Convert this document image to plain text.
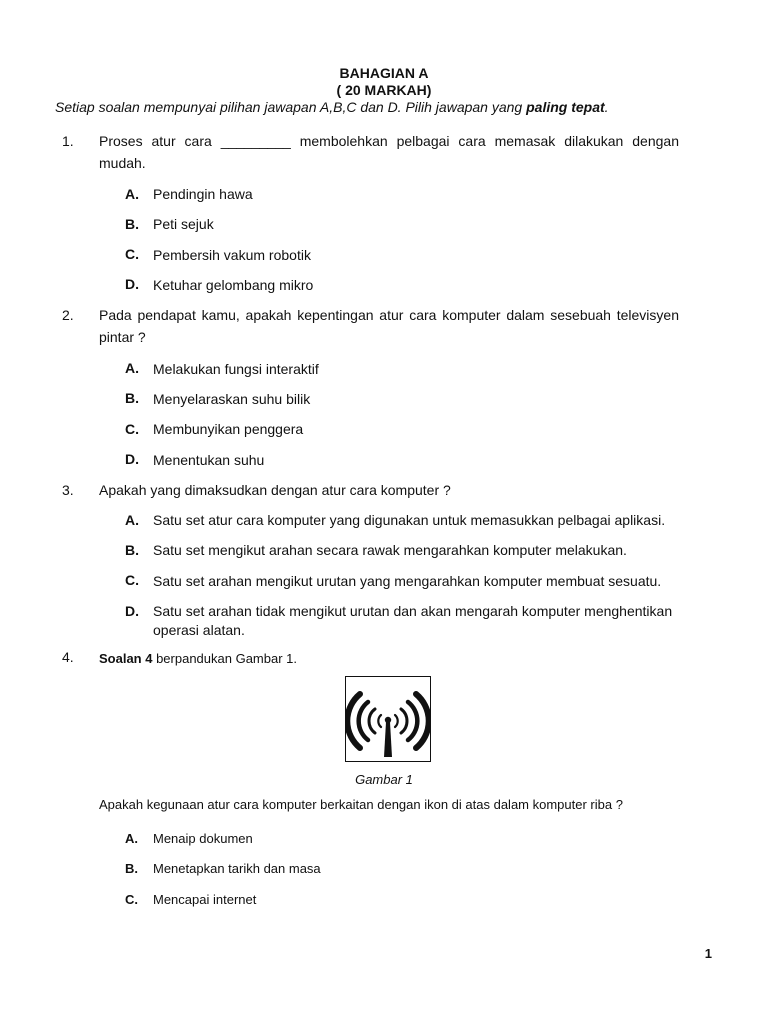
BAHAGIAN A
( 20 MARKAH)
Setiap soalan mempunyai pilihan jawapan A,B,C dan D. Pilih jawapan yang paling tepat.
1. Proses atur cara _________ membolehkan pelbagai cara memasak dilakukan dengan mudah.
A. Pendingin hawa
B. Peti sejuk
C. Pembersih vakum robotik
D. Ketuhar gelombang mikro
2. Pada pendapat kamu, apakah kepentingan atur cara komputer dalam sesebuah televisyen pintar ?
A. Melakukan fungsi interaktif
B. Menyelaraskan suhu bilik
C. Membunyikan penggera
D. Menentukan suhu
3. Apakah yang dimaksudkan dengan atur cara komputer ?
A. Satu set atur cara komputer yang digunakan untuk memasukkan pelbagai aplikasi.
B. Satu set mengikut arahan secara rawak mengarahkan komputer melakukan.
C. Satu set arahan mengikut urutan yang mengarahkan komputer membuat sesuatu.
D. Satu set arahan tidak mengikut urutan dan akan mengarah komputer menghentikan operasi alatan.
4. Soalan 4 berpandukan Gambar 1.
Gambar 1
Apakah kegunaan atur cara komputer berkaitan dengan ikon di atas dalam komputer riba ?
A. Menaip dokumen
B. Menetapkan tarikh dan masa
C. Mencapai internet
1
